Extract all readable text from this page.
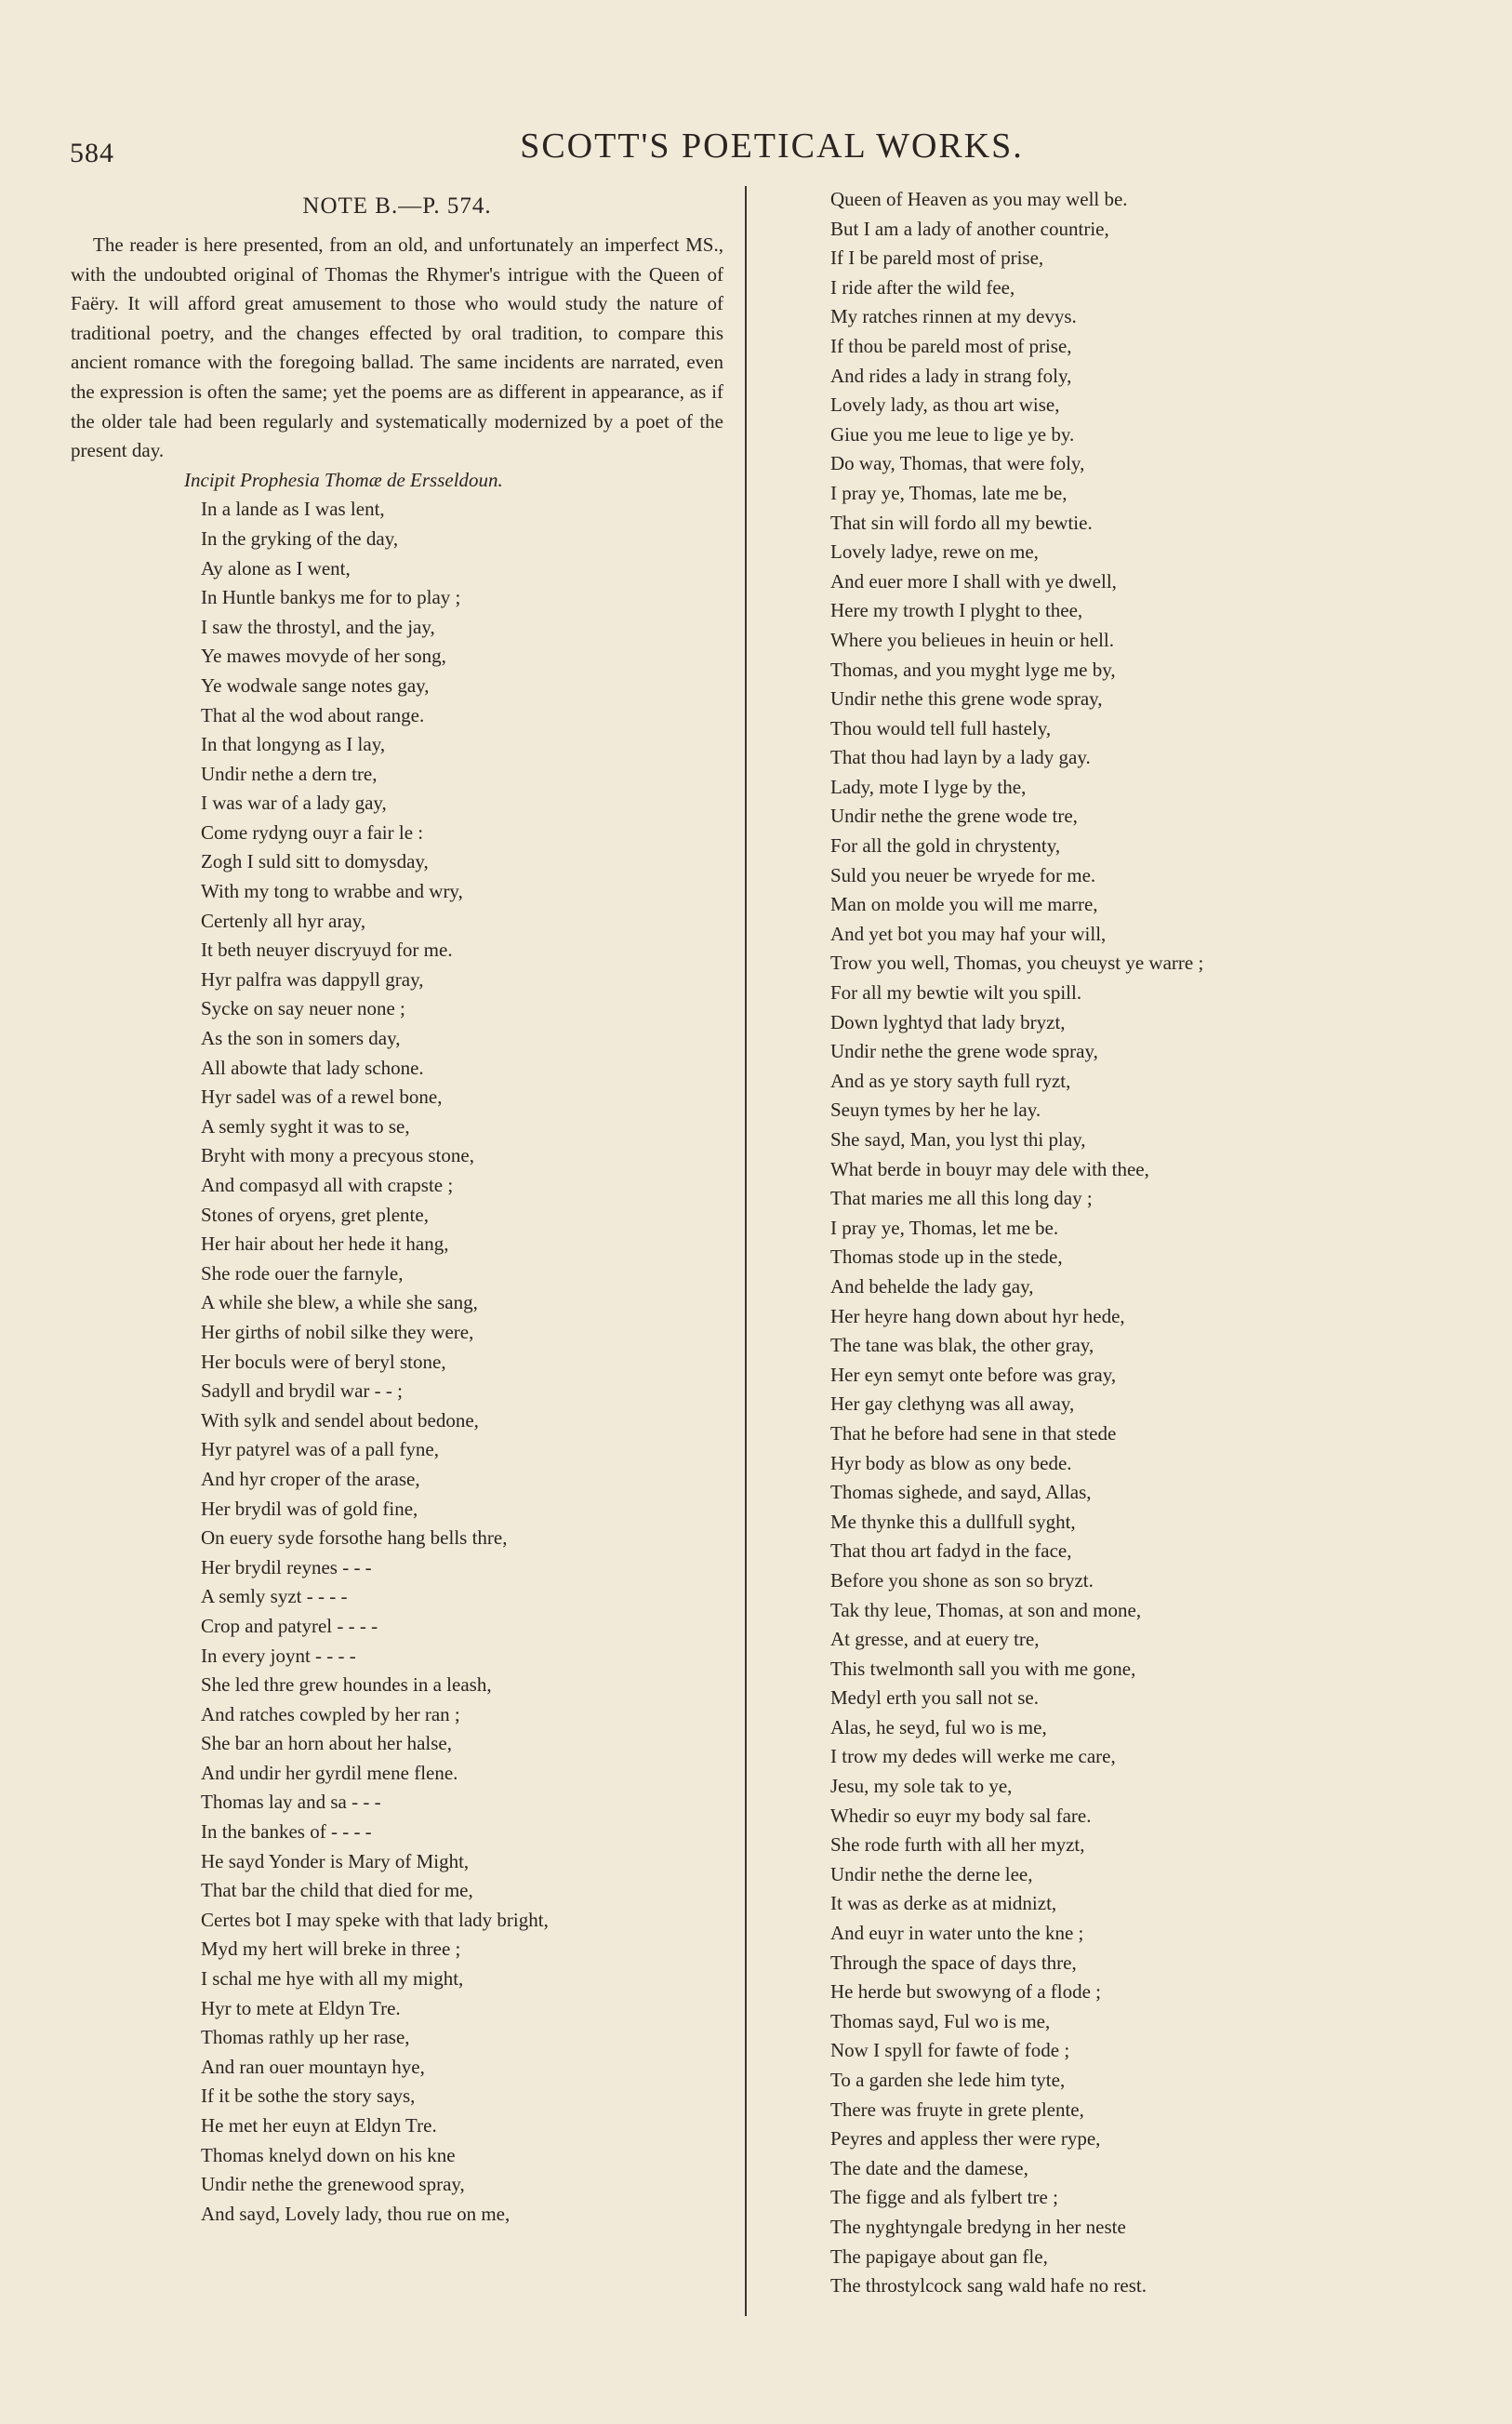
584	SCOTT'S POETICAL WORKS.
NOTE B.—P. 574.
The reader is here presented, from an old, and unfortunately an imperfect MS., with the undoubted original of Thomas the Rhymer's intrigue with the Queen of Faëry. It will afford great amusement to those who would study the nature of traditional poetry, and the changes effected by oral tradition, to compare this ancient romance with the foregoing ballad. The same incidents are narrated, even the expression is often the same; yet the poems are as different in appearance, as if the older tale had been regularly and systematically modernized by a poet of the present day.
Incipit Prophesia Thomæ de Ersseldoun.
In a lande as I was lent,
In the gryking of the day,
Ay alone as I went,
In Huntle bankys me for to play ;
I saw the throstyl, and the jay,
Ye mawes movyde of her song,
Ye wodwale sange notes gay,
That al the wod about range.
In that longyng as I lay,
Undir nethe a dern tre,
I was war of a lady gay,
Come rydyng ouyr a fair le :
Zogh I suld sitt to domysday,
With my tong to wrabbe and wry,
Certenly all hyr aray,
It beth neuyer discryuyd for me.
Hyr palfra was dappyll gray,
Sycke on say neuer none ;
As the son in somers day,
All abowte that lady schone.
Hyr sadel was of a rewel bone,
A semly syght it was to se,
Bryht with mony a precyous stone,
And compasyd all with crapste ;
Stones of oryens, gret plente,
Her hair about her hede it hang,
She rode ouer the farnyle,
A while she blew, a while she sang,
Her girths of nobil silke they were,
Her boculs were of beryl stone,
Sadyll and brydil war - - ;
With sylk and sendel about bedone,
Hyr patyrel was of a pall fyne,
And hyr croper of the arase,
Her brydil was of gold fine,
On euery syde forsothe hang bells thre,
Her brydil reynes - - -
A semly syzt - - - -
Crop and patyrel - - - -
In every joynt - - - -
She led thre grew houndes in a leash,
And ratches cowpled by her ran ;
She bar an horn about her halse,
And undir her gyrdil mene flene.
Thomas lay and sa - - -
In the bankes of - - - -
He sayd Yonder is Mary of Might,
That bar the child that died for me,
Certes bot I may speke with that lady bright,
Myd my hert will breke in three ;
I schal me hye with all my might,
Hyr to mete at Eldyn Tre.
Thomas rathly up her rase,
And ran ouer mountayn hye,
If it be sothe the story says,
He met her euyn at Eldyn Tre.
Thomas knelyd down on his kne
Undir nethe the grenewood spray,
And sayd, Lovely lady, thou rue on me,
Queen of Heaven as you may well be.
But I am a lady of another countrie,
If I be pareld most of prise,
I ride after the wild fee,
My ratches rinnen at my devys.
If thou be pareld most of prise,
And rides a lady in strang foly,
Lovely lady, as thou art wise,
Giue you me leue to lige ye by.
Do way, Thomas, that were foly,
I pray ye, Thomas, late me be,
That sin will fordo all my bewtie.
Lovely ladye, rewe on me,
And euer more I shall with ye dwell,
Here my trowth I plyght to thee,
Where you belieues in heuin or hell.
Thomas, and you myght lyge me by,
Undir nethe this grene wode spray,
Thou would tell full hastely,
That thou had layn by a lady gay.
Lady, mote I lyge by the,
Undir nethe the grene wode tre,
For all the gold in chrystenty,
Suld you neuer be wryede for me.
Man on molde you will me marre,
And yet bot you may haf your will,
Trow you well, Thomas, you cheuyst ye warre ;
For all my bewtie wilt you spill.
Down lyghtyd that lady bryzt,
Undir nethe the grene wode spray,
And as ye story sayth full ryzt,
Seuyn tymes by her he lay.
She sayd, Man, you lyst thi play,
What berde in bouyr may dele with thee,
That maries me all this long day ;
I pray ye, Thomas, let me be.
Thomas stode up in the stede,
And behelde the lady gay,
Her heyre hang down about hyr hede,
The tane was blak, the other gray,
Her eyn semyt onte before was gray,
Her gay clethyng was all away,
That he before had sene in that stede
Hyr body as blow as ony bede.
Thomas sighede, and sayd, Allas,
Me thynke this a dullfull syght,
That thou art fadyd in the face,
Before you shone as son so bryzt.
Tak thy leue, Thomas, at son and mone,
At gresse, and at euery tre,
This twelmonth sall you with me gone,
Medyl erth you sall not se.
Alas, he seyd, ful wo is me,
I trow my dedes will werke me care,
Jesu, my sole tak to ye,
Whedir so euyr my body sal fare.
She rode furth with all her myzt,
Undir nethe the derne lee,
It was as derke as at midnizt,
And euyr in water unto the kne ;
Through the space of days thre,
He herde but swowyng of a flode ;
Thomas sayd, Ful wo is me,
Now I spyll for fawte of fode ;
To a garden she lede him tyte,
There was fruyte in grete plente,
Peyres and appless ther were rype,
The date and the damese,
The figge and als fylbert tre ;
The nyghtyngale bredyng in her neste
The papigaye about gan fle,
The throstylcock sang wald hafe no rest.
